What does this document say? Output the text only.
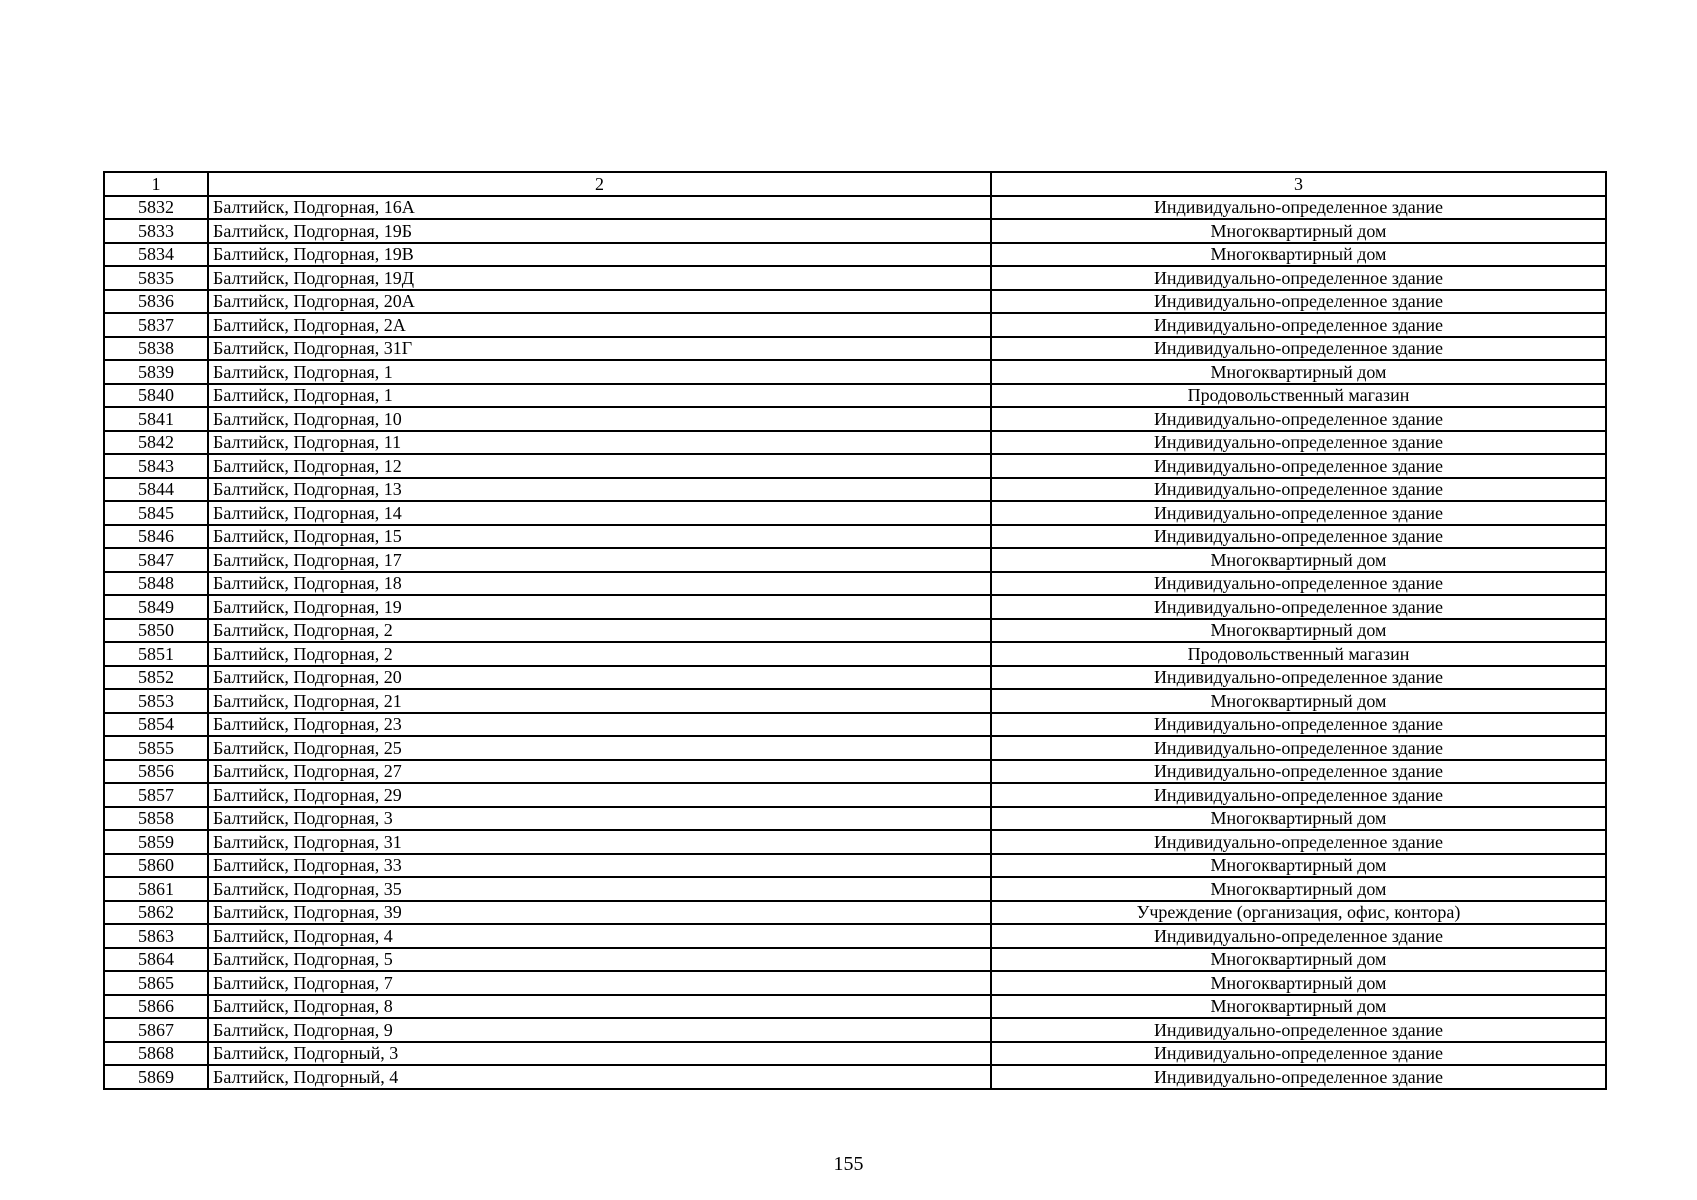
1	2	3
5832	Балтийск, Подгорная, 16А	Индивидуально-определенное здание
5833	Балтийск, Подгорная, 19Б	Многоквартирный дом
5834	Балтийск, Подгорная, 19В	Многоквартирный дом
5835	Балтийск, Подгорная, 19Д	Индивидуально-определенное здание
5836	Балтийск, Подгорная, 20А	Индивидуально-определенное здание
5837	Балтийск, Подгорная, 2А	Индивидуально-определенное здание
5838	Балтийск, Подгорная, 31Г	Индивидуально-определенное здание
5839	Балтийск, Подгорная, 1	Многоквартирный дом
5840	Балтийск, Подгорная, 1	Продовольственный магазин
5841	Балтийск, Подгорная, 10	Индивидуально-определенное здание
5842	Балтийск, Подгорная, 11	Индивидуально-определенное здание
5843	Балтийск, Подгорная, 12	Индивидуально-определенное здание
5844	Балтийск, Подгорная, 13	Индивидуально-определенное здание
5845	Балтийск, Подгорная, 14	Индивидуально-определенное здание
5846	Балтийск, Подгорная, 15	Индивидуально-определенное здание
5847	Балтийск, Подгорная, 17	Многоквартирный дом
5848	Балтийск, Подгорная, 18	Индивидуально-определенное здание
5849	Балтийск, Подгорная, 19	Индивидуально-определенное здание
5850	Балтийск, Подгорная, 2	Многоквартирный дом
5851	Балтийск, Подгорная, 2	Продовольственный магазин
5852	Балтийск, Подгорная, 20	Индивидуально-определенное здание
5853	Балтийск, Подгорная, 21	Многоквартирный дом
5854	Балтийск, Подгорная, 23	Индивидуально-определенное здание
5855	Балтийск, Подгорная, 25	Индивидуально-определенное здание
5856	Балтийск, Подгорная, 27	Индивидуально-определенное здание
5857	Балтийск, Подгорная, 29	Индивидуально-определенное здание
5858	Балтийск, Подгорная, 3	Многоквартирный дом
5859	Балтийск, Подгорная, 31	Индивидуально-определенное здание
5860	Балтийск, Подгорная, 33	Многоквартирный дом
5861	Балтийск, Подгорная, 35	Многоквартирный дом
5862	Балтийск, Подгорная, 39	Учреждение (организация, офис, контора)
5863	Балтийск, Подгорная, 4	Индивидуально-определенное здание
5864	Балтийск, Подгорная, 5	Многоквартирный дом
5865	Балтийск, Подгорная, 7	Многоквартирный дом
5866	Балтийск, Подгорная, 8	Многоквартирный дом
5867	Балтийск, Подгорная, 9	Индивидуально-определенное здание
5868	Балтийск, Подгорный, 3	Индивидуально-определенное здание
5869	Балтийск, Подгорный, 4	Индивидуально-определенное здание
155
